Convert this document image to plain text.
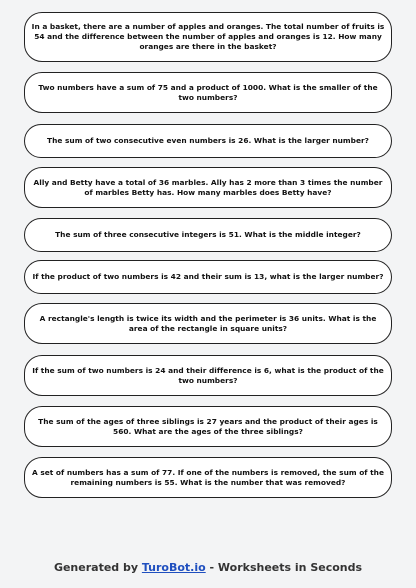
In a basket, there are a number of apples and oranges. The total number of fruits is 54 and the difference between the number of apples and oranges is 12. How many oranges are there in the basket?
Two numbers have a sum of 75 and a product of 1000. What is the smaller of the two numbers?
The sum of two consecutive even numbers is 26. What is the larger number?
Ally and Betty have a total of 36 marbles. Ally has 2 more than 3 times the number of marbles Betty has. How many marbles does Betty have?
The sum of three consecutive integers is 51. What is the middle integer?
If the product of two numbers is 42 and their sum is 13, what is the larger number?
A rectangle's length is twice its width and the perimeter is 36 units. What is the area of the rectangle in square units?
If the sum of two numbers is 24 and their difference is 6, what is the product of the two numbers?
The sum of the ages of three siblings is 27 years and the product of their ages is 560. What are the ages of the three siblings?
A set of numbers has a sum of 77. If one of the numbers is removed, the sum of the remaining numbers is 55. What is the number that was removed?
Generated by TuroBot.io - Worksheets in Seconds
